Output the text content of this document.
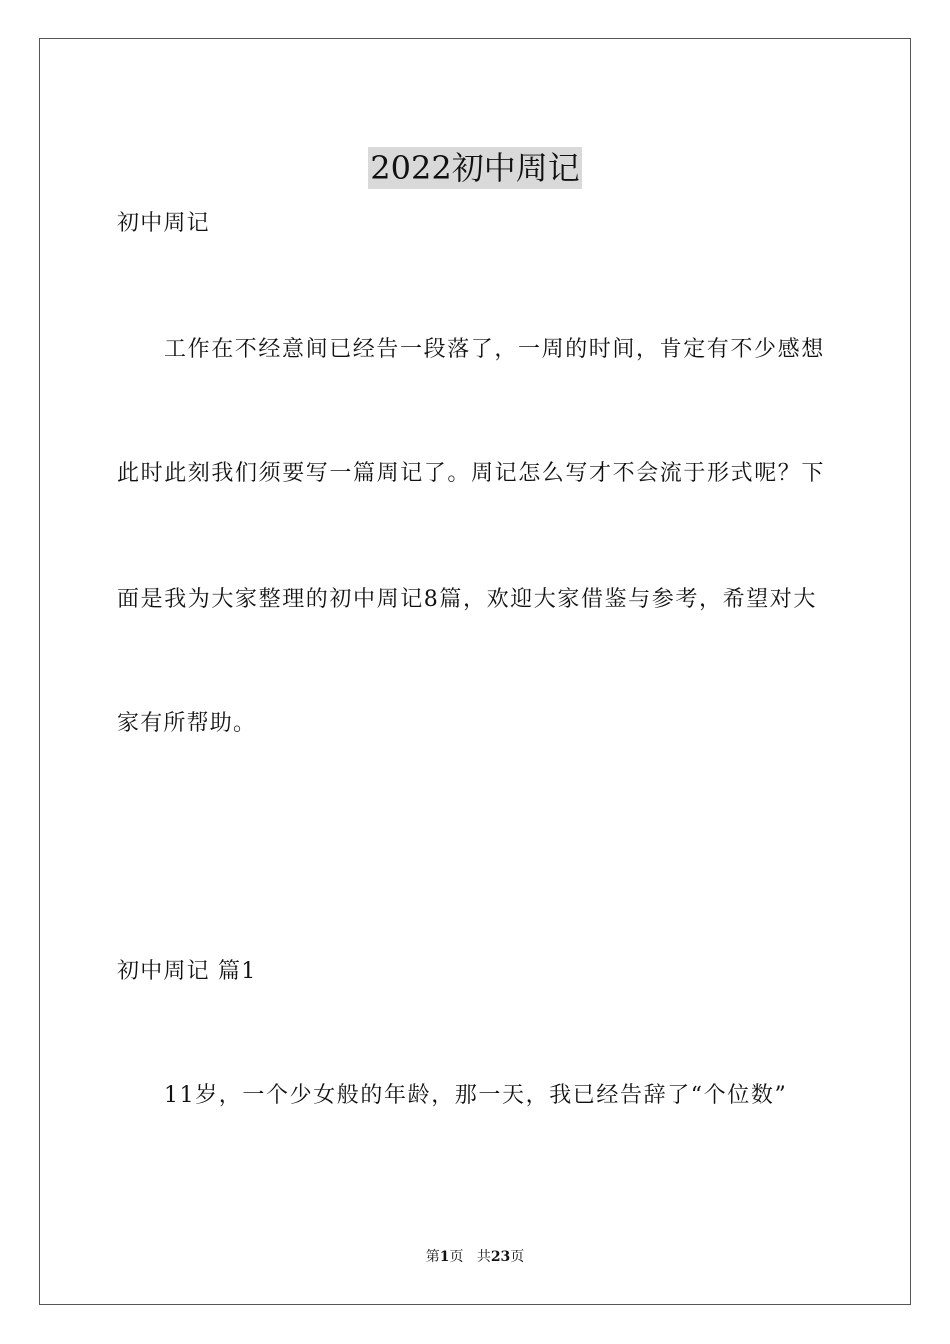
2022初中周记
初中周记
工作在不经意间已经告一段落了，一周的时间，肯定有不少感想
此时此刻我们须要写一篇周记了。周记怎么写才不会流于形式呢？下
面是我为大家整理的初中周记8篇，欢迎大家借鉴与参考，希望对大
家有所帮助。
初中周记 篇1
11岁，一个少女般的年龄，那一天，我已经告辞了“个位数”
第1页 共23页
